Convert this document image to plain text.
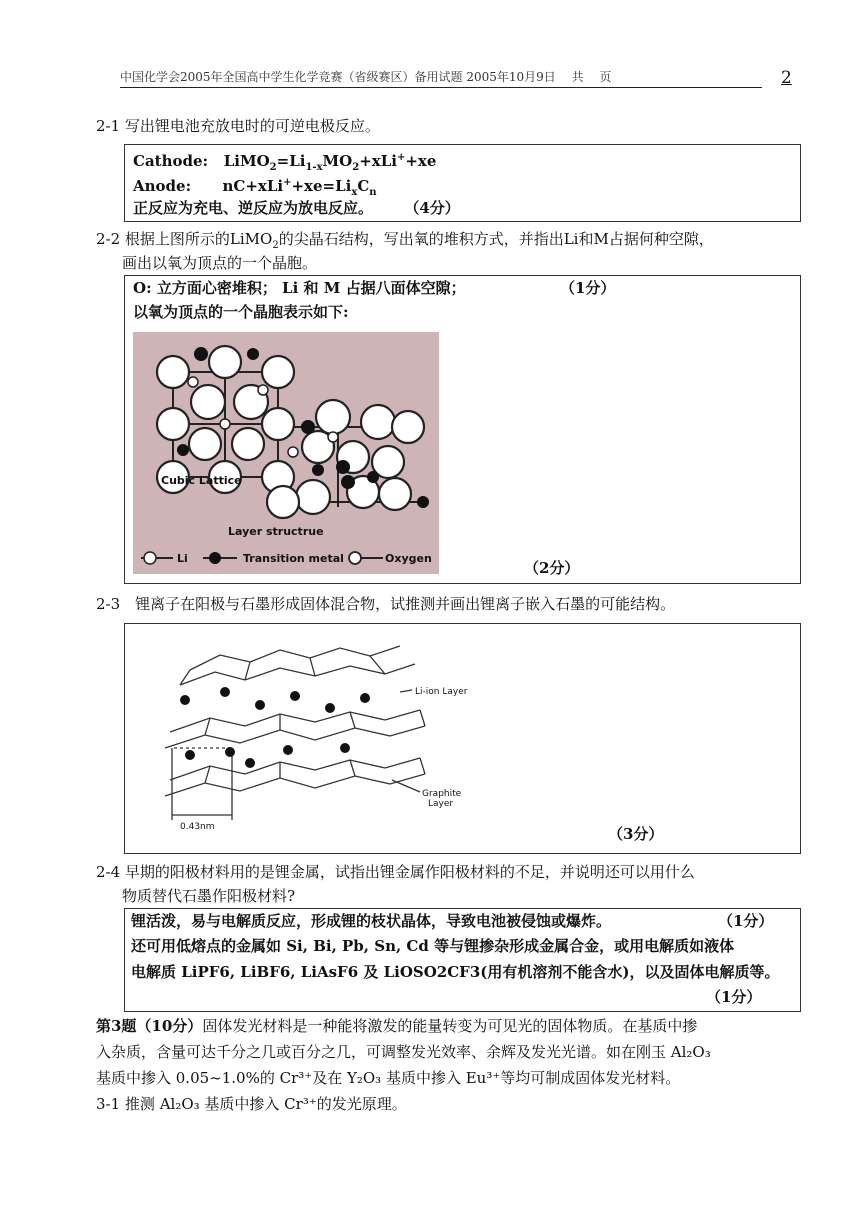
中国化学会2005年全国高中学生化学竞赛（省级赛区）备用试题 2005年10月9日　 共　 页	2
2-1 写出锂电池充放电时的可逆电极反应。
Cathode: $LiMO_2=Li_{1-x}MO_2+xLi^++xe$
Anode: $nC+xLi^++xe=Li_xC_n$
正反应为充电、逆反应为放电反应。 （4分）
2-2 根据上图所示的LiMO$_2$的尖晶石结构，写出氧的堆积方式，并指出Li和M占据何种空隙，
画出以氧为顶点的一个晶胞。
O: 立方面心密堆积； Li 和 M 占据八面体空隙；	（1分）
以氧为顶点的一个晶胞表示如下:
Cubic Lattice
Layer structrue
Li	Transition metal	Oxygen
（2分）
2-3　锂离子在阳极与石墨形成固体混合物，试推测并画出锂离子嵌入石墨的可能结构。
Li-ion Layer
Graphite
Layer
0.43nm	（3分）
2-4 早期的阳极材料用的是锂金属，试指出锂金属作阳极材料的不足，并说明还可以用什么
物质替代石墨作阳极材料?
锂活泼，易与电解质反应，形成锂的枝状晶体，导致电池被侵蚀或爆炸。	（1分）
还可用低熔点的金属如 Si, Bi, Pb, Sn, Cd 等与锂掺杂形成金属合金，或用电解质如液体
电解质 LiPF6, LiBF6, LiAsF6 及 LiOSO2CF3(用有机溶剂不能含水)，以及固体电解质等。
（1分）
第3题（10分）固体发光材料是一种能将激发的能量转变为可见光的固体物质。在基质中掺
入杂质，含量可达千分之几或百分之几，可调整发光效率、余辉及发光光谱。如在刚玉 Al₂O₃
基质中掺入 0.05~1.0%的 Cr³⁺及在 Y₂O₃ 基质中掺入 Eu³⁺等均可制成固体发光材料。
3-1 推测 Al₂O₃ 基质中掺入 Cr³⁺的发光原理。
